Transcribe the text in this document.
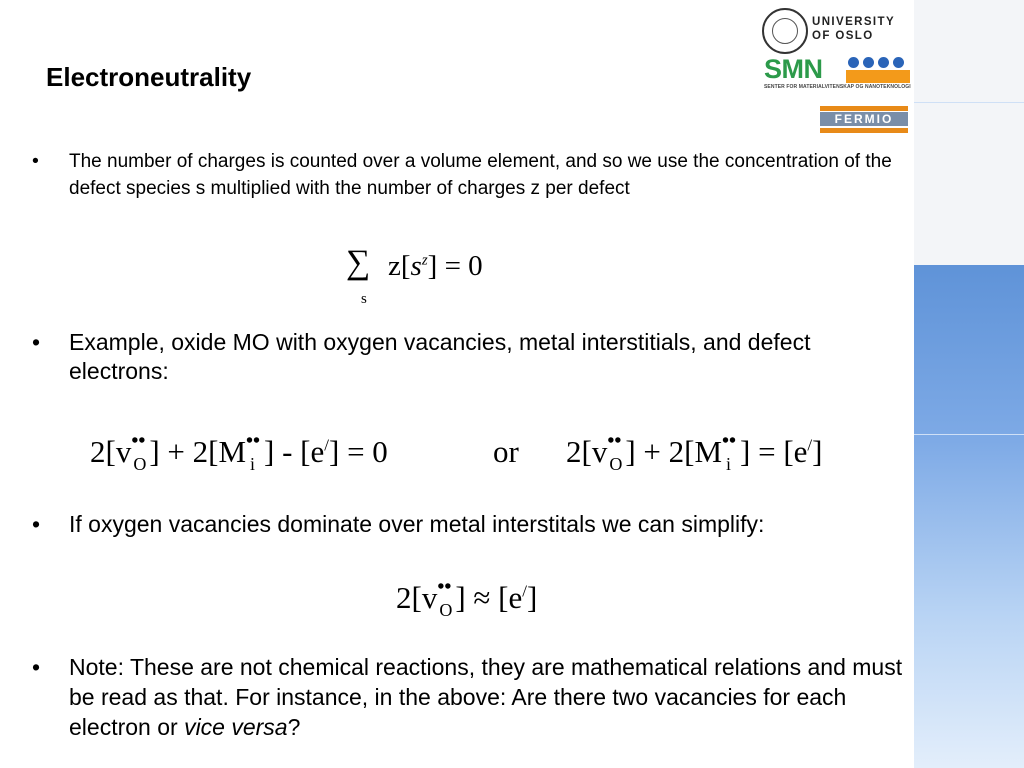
UNIVERSITY
OF OSLO
SMN
SENTER FOR MATERIALVITENSKAP OG NANOTEKNOLOGI
FERMIO
Electroneutrality
• The number of charges is counted over a volume element, and so we use the concentration of the defect species s multiplied with the number of charges z per defect
∑
s
$z[s^z] = 0$
• Example, oxide MO with oxygen vacancies, metal interstitials, and defect electrons:
2[v ••
O ] + 2[M ••
i ] - [e/] = 0	or 2[v ••
O ] + 2[M ••
i ] = [e/]
• If oxygen vacancies dominate over metal interstitals we can simplify:
2[v ••
O ] ≈ [e/]
• Note: These are not chemical reactions, they are mathematical relations and must be read as that. For instance, in the above: Are there two vacancies for each electron or vice versa?
